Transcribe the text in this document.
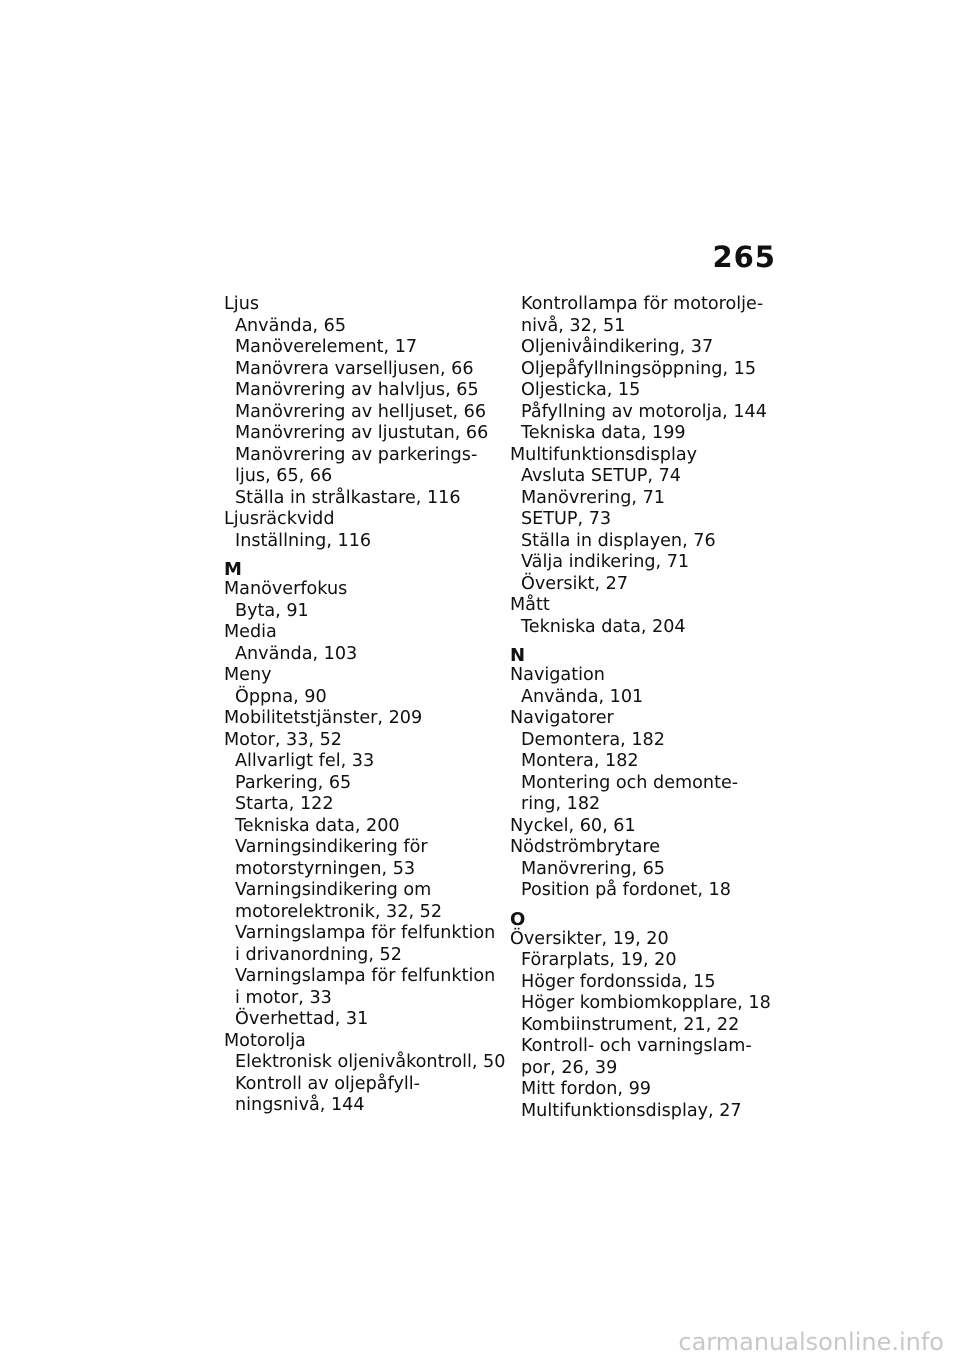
265
Ljus
Använda, 65
Manöverelement, 17
Manövrera varselljusen, 66
Manövrering av halvljus, 65
Manövrering av helljuset, 66
Manövrering av ljustutan, 66
Manövrering av parkerings-
ljus, 65, 66
Ställa in strålkastare, 116
Ljusräckvidd
Inställning, 116
M
Manöverfokus
Byta, 91
Media
Använda, 103
Meny
Öppna, 90
Mobilitetstjänster, 209
Motor, 33, 52
Allvarligt fel, 33
Parkering, 65
Starta, 122
Tekniska data, 200
Varningsindikering för
motorstyrningen, 53
Varningsindikering om
motorelektronik, 32, 52
Varningslampa för felfunktion
i drivanordning, 52
Varningslampa för felfunktion
i motor, 33
Överhettad, 31
Motorolja
Elektronisk oljenivåkontroll, 50
Kontroll av oljepåfyll-
ningsnivå, 144
Kontrollampa för motorolje-
nivå, 32, 51
Oljenivåindikering, 37
Oljepåfyllningsöppning, 15
Oljesticka, 15
Påfyllning av motorolja, 144
Tekniska data, 199
Multifunktionsdisplay
Avsluta SETUP, 74
Manövrering, 71
SETUP, 73
Ställa in displayen, 76
Välja indikering, 71
Översikt, 27
Mått
Tekniska data, 204
N
Navigation
Använda, 101
Navigatorer
Demontera, 182
Montera, 182
Montering och demonte-
ring, 182
Nyckel, 60, 61
Nödströmbrytare
Manövrering, 65
Position på fordonet, 18
O
Översikter, 19, 20
Förarplats, 19, 20
Höger fordonssida, 15
Höger kombiomkopplare, 18
Kombiinstrument, 21, 22
Kontroll- och varningslam-
por, 26, 39
Mitt fordon, 99
Multifunktionsdisplay, 27
carmanualsonline.info
